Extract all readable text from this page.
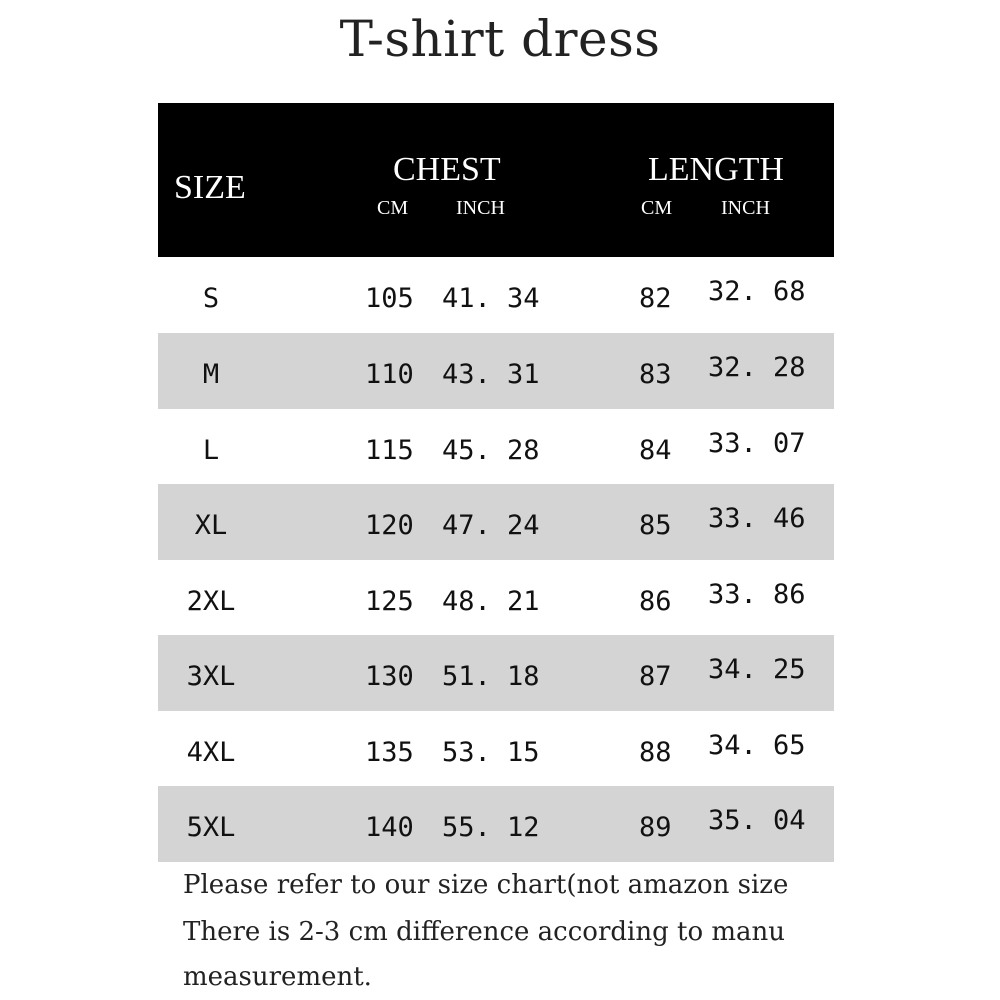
T-shirt dress
SIZE	CHEST	LENGTH
CM INCH	CM INCH
S	105 41. 34	82 32. 68
M	110 43. 31	83 32. 28
L	115 45. 28	84 33. 07
XL	120 47. 24	85 33. 46
2XL	125 48. 21	86 33. 86
3XL	130 51. 18	87 34. 25
4XL	135 53. 15	88 34. 65
5XL	140 55. 12	89 35. 04
Please refer to our size chart(not amazon size
There is 2-3 cm difference according to manu
measurement.
